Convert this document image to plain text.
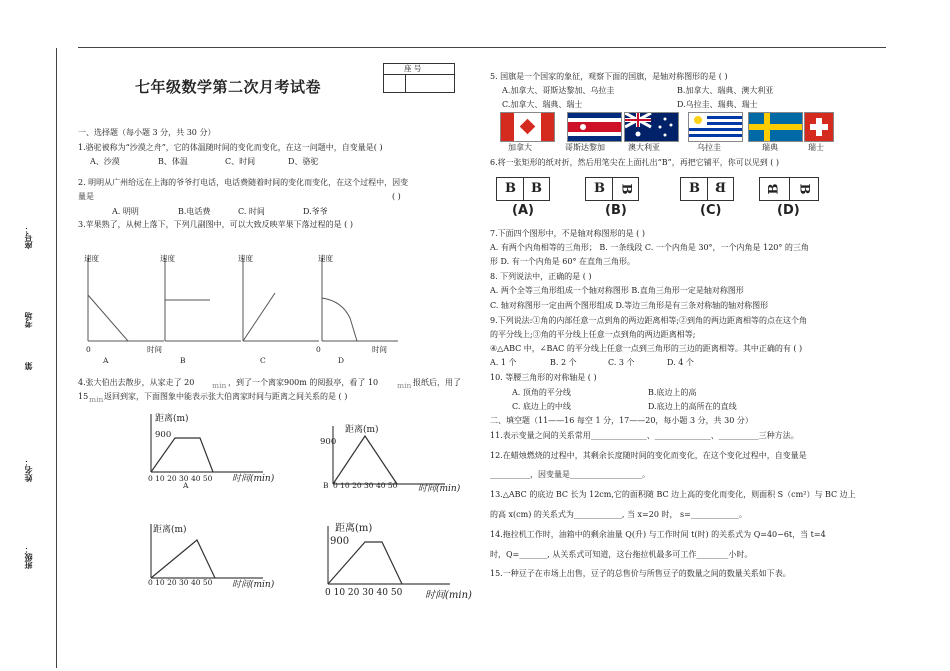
座号：
考场
第
姓名：
班级：
七年级数学第二次月考试卷
座 号
一、选择题（每小题 3 分，共 30 分）
1.骆驼被称为“沙漠之舟”，它的体温随时间的变化而变化，在这一问题中，自变量是( )
A、沙漠	B、体温	C、时间	D、骆驼
2. 明明从广州给远在上海的爷爷打电话，电话费随着时间的变化而变化，在这个过程中，因变
量是	( )
A. 明明	B.电话费	C. 时间	D.爷爷
3.苹果熟了，从树上落下，下列几副图中，可以大致反映苹果下落过程的是 ( )
速度
0	时间
A
速度
B
速度
C
速度
0	时间
D
4.张大伯出去散步，从家走了 20 min ，到了一个离家900m 的阅报亭，看了 10	min 报纸后，用了
15 min 返回到家，下面图象中能表示张大伯离家时间与距离之间关系的是 ( )
距离(m)
900
0 10 20 30 40 50 时间(min)
A
距离(m)
900
B 0 10 20 30 40 50 时间(min)
距离(m)
0 10 20 30 40 50 时间(min)
距离(m)
900
0 10 20 30 40 50 时间(min)
5. 国旗是一个国家的象征，观察下面的国旗，是轴对称图形的是 ( )
A.加拿大、哥斯达黎加、乌拉圭	B.加拿大、瑞典、澳大利亚
C.加拿大、瑞典、瑞士	D.乌拉圭、瑞典、瑞士
加拿大	哥斯达黎加	澳大利亚	乌拉圭	瑞典	瑞士
6.将一张矩形的纸对折，然后用笔尖在上面扎出“B”，再把它铺平，你可以见到 ( )
B B
(A)
B B
(B)
B B
(C)
B B
(D)
7.下面四个图形中，不是轴对称图形的是 ( )
A. 有两个内角相等的三角形； B. 一条线段 C. 一个内角是 30°，一个内角是 120° 的三角
形 D. 有一个内角是 60° 在直角三角形。
8. 下列说法中，正确的是 ( )
A. 两个全等三角形组成一个轴对称图形 B.直角三角形一定是轴对称图形
C. 轴对称图形一定由两个图形组成 D.等边三角形是有三条对称轴的轴对称图形
9.下列说法:①角的内部任意一点到角的两边距离相等;②到角的两边距离相等的点在这个角
的平分线上;③角的平分线上任意一点到角的两边距离相等;
④△ABC 中，∠BAC 的平分线上任意一点到三角形的三边的距离相等。其中正确的有 ( )
A. 1 个	B. 2 个	C. 3 个	D. 4 个
10. 等腰三角形的对称轴是 ( )
A. 顶角的平分线	B.底边上的高
C. 底边上的中线	D.底边上的高所在的直线
二、填空题（11——16 每空 1 分，17——20，每小题 3 分，共 30 分）
11.表示变量之间的关系常用______________、______________、__________三种方法。
12.在蜡烛燃烧的过程中，其剩余长度随时间的变化而变化，在这个变化过程中，自变量是
__________，因变量是__________________。
13.△ABC 的底边 BC 长为 12cm,它的面积随 BC 边上高的变化而变化，则面积 S（cm²）与 BC 边上
的高 x(cm) 的关系式为____________, 当 x=20 时， s=____________。
14.拖拉机工作时，油箱中的剩余油量 Q(升) 与工作时间 t(时) 的关系式为 Q=40−6t，当 t=4
时，Q=_______, 从关系式可知道，这台拖拉机最多可工作________小时。
15.一种豆子在市场上出售，豆子的总售价与所售豆子的数量之间的数量关系如下表。
